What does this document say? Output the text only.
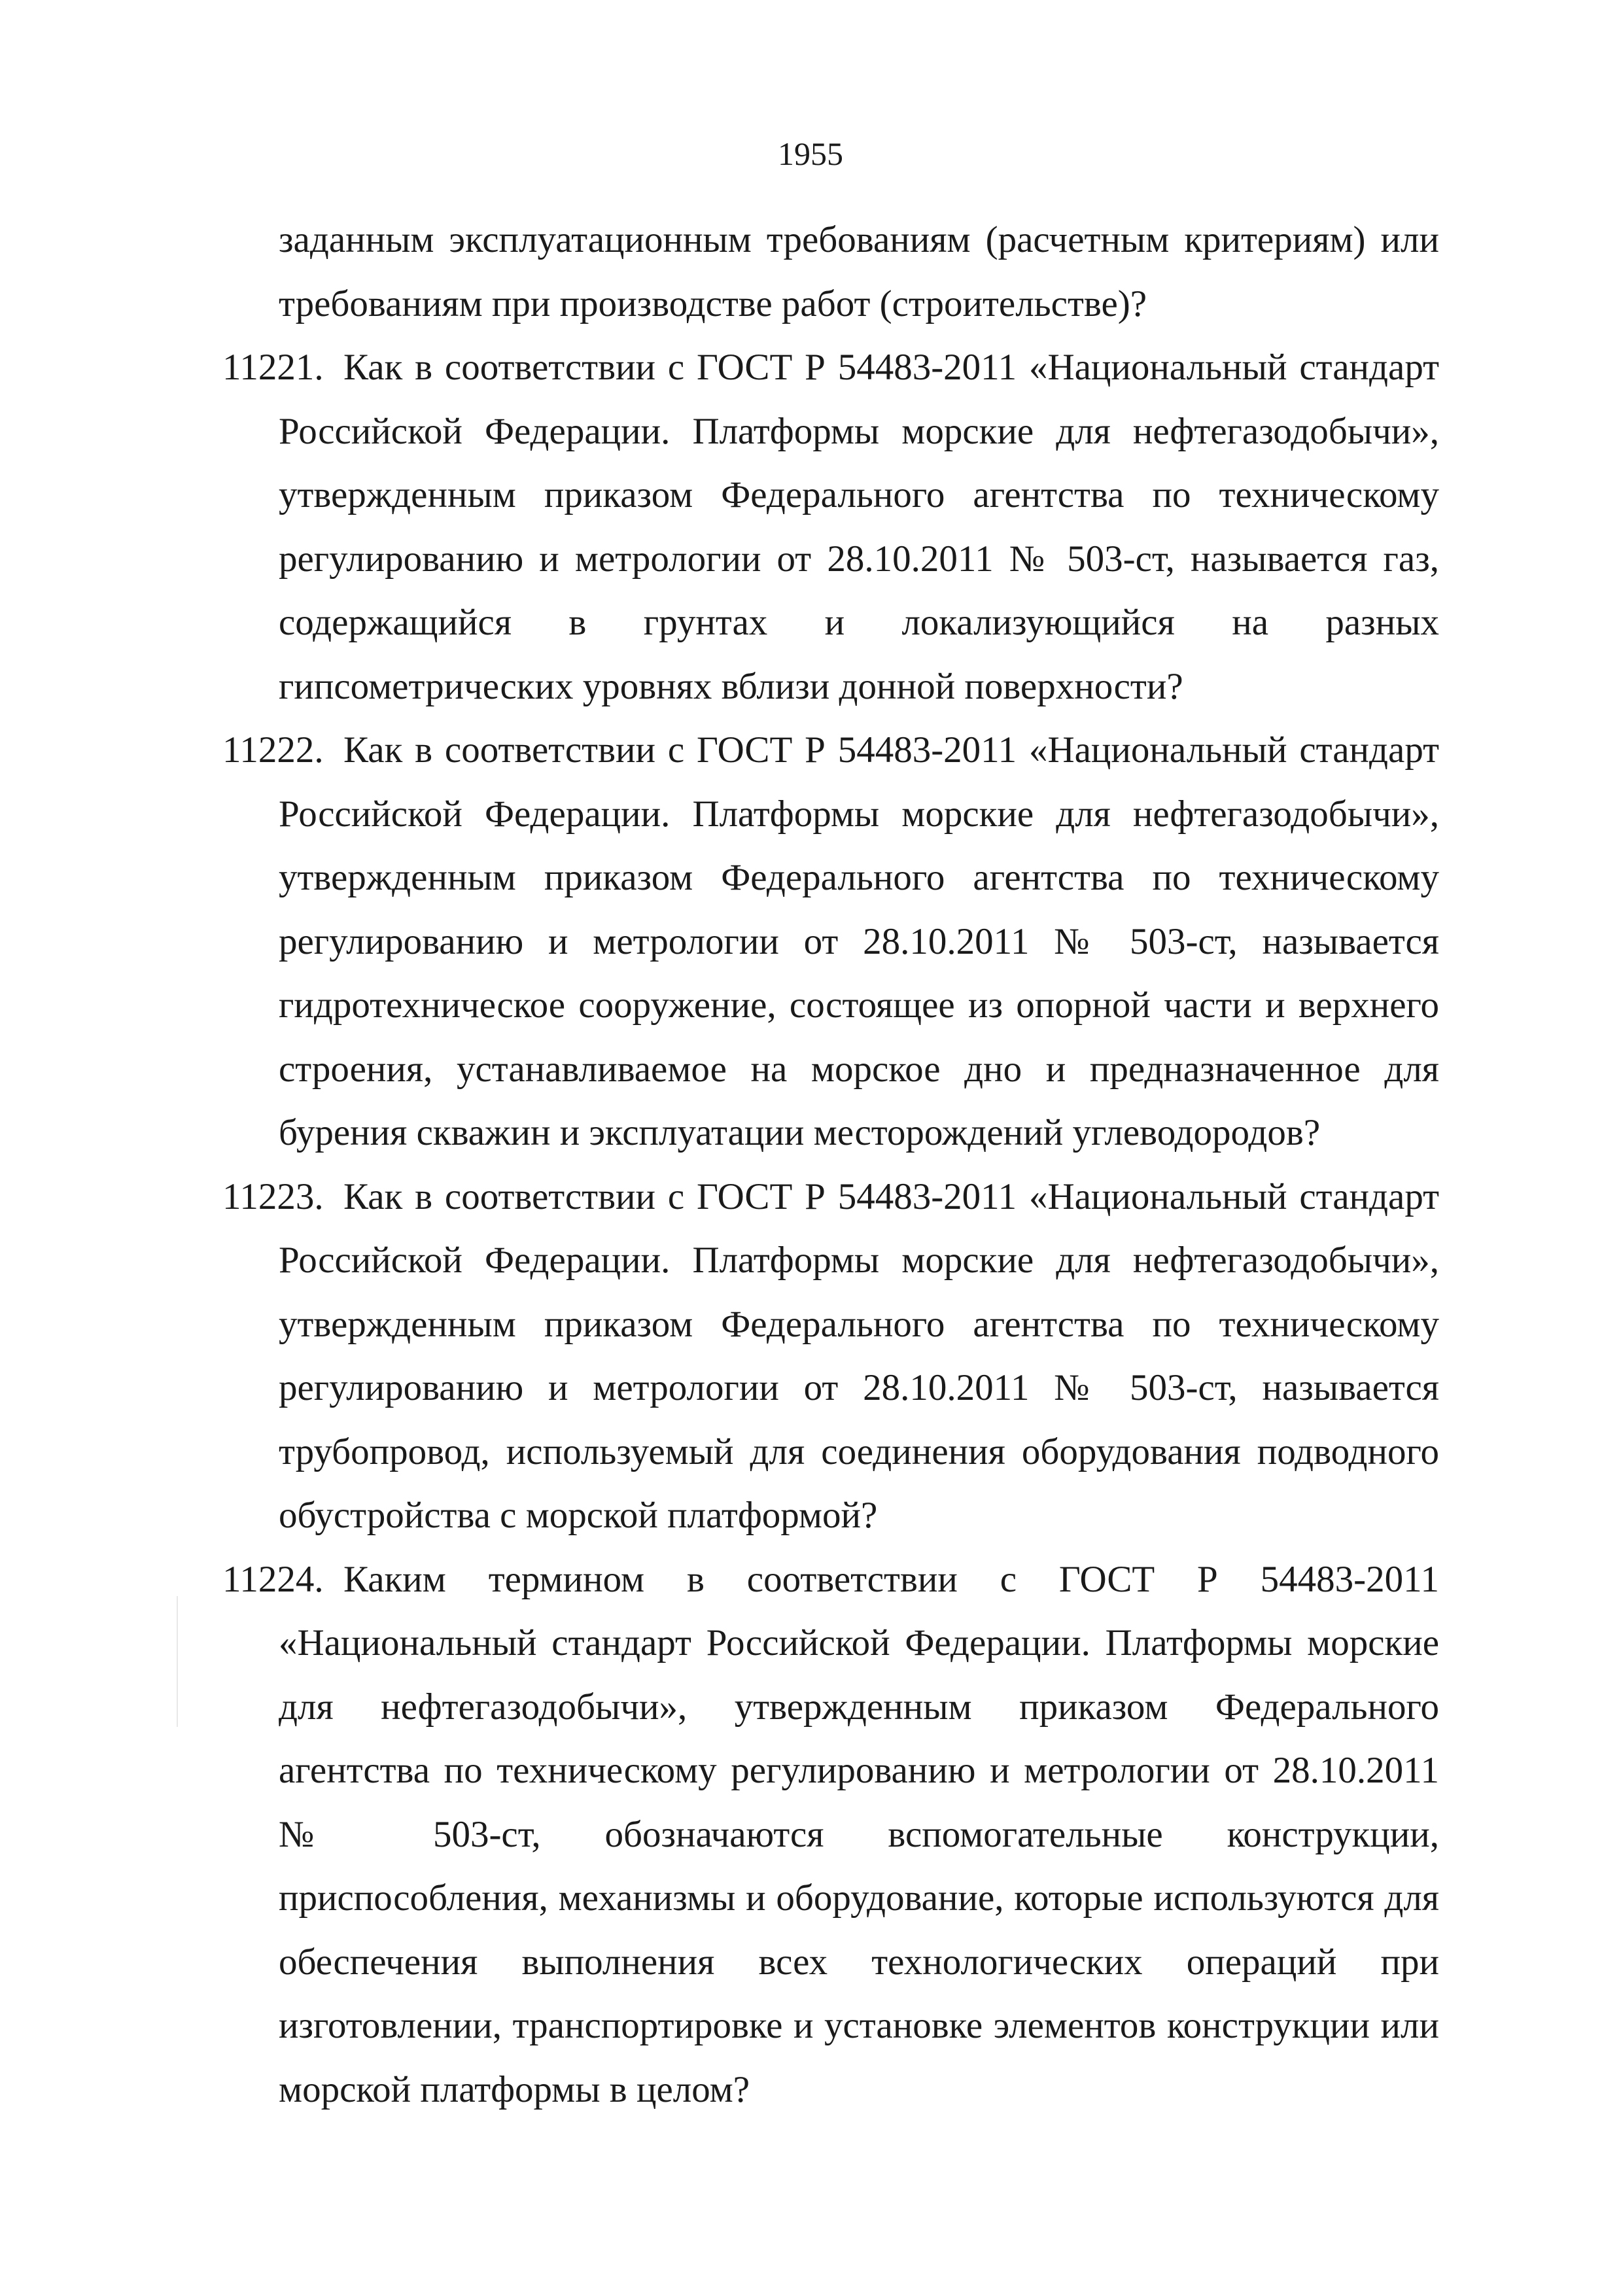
1955

заданным эксплуатационным требованиям (расчетным критериям) или требованиям при производстве работ (строительстве)?

11221. Как в соответствии с ГОСТ Р 54483-2011 «Национальный стандарт Российской Федерации. Платформы морские для нефтегазодобычи», утвержденным приказом Федерального агентства по техническому регулированию и метрологии от 28.10.2011 № 503-ст, называется газ, содержащийся в грунтах и локализующийся на разных гипсометрических уровнях вблизи донной поверхности?
11222. Как в соответствии с ГОСТ Р 54483-2011 «Национальный стандарт Российской Федерации. Платформы морские для нефтегазодобычи», утвержденным приказом Федерального агентства по техническому регулированию и метрологии от 28.10.2011 № 503-ст, называется гидротехническое сооружение, состоящее из опорной части и верхнего строения, устанавливаемое на морское дно и предназначенное для бурения скважин и эксплуатации месторождений углеводородов?
11223. Как в соответствии с ГОСТ Р 54483-2011 «Национальный стандарт Российской Федерации. Платформы морские для нефтегазодобычи», утвержденным приказом Федерального агентства по техническому регулированию и метрологии от 28.10.2011 № 503-ст, называется трубопровод, используемый для соединения оборудования подводного обустройства с морской платформой?
11224. Каким термином в соответствии с ГОСТ Р 54483-2011 «Национальный стандарт Российской Федерации. Платформы морские для нефтегазодобычи», утвержденным приказом Федерального агентства по техническому регулированию и метрологии от 28.10.2011 № 503-ст, обозначаются вспомогательные конструкции, приспособления, механизмы и оборудование, которые используются для обеспечения выполнения всех технологических операций при изготовлении, транспортировке и установке элементов конструкции или морской платформы в целом?
